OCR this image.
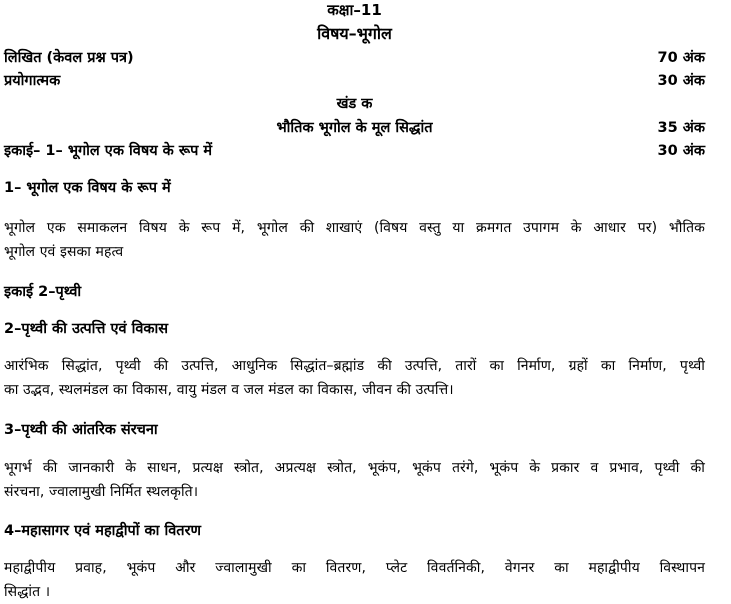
कक्षा–11
विषय–भूगोल
लिखित (केवल प्रश्न पत्र)	70 अंक
प्रयोगात्मक	30 अंक
खंड क
भौतिक भूगोल के मूल सिद्धांत	35 अंक
इकाई– 1– भूगोल एक विषय के रूप में	30 अंक
1– भूगोल एक विषय के रूप में
भूगोल एक समाकलन विषय के रूप में, भूगोल की शाखाएं (विषय वस्तु या क्रमगत उपागम के आधार पर) भौतिक
भूगोल एवं इसका महत्व
इकाई 2–पृथ्वी
2–पृथ्वी की उत्पत्ति एवं विकास
आरंभिक सिद्धांत, पृथ्वी की उत्पत्ति, आधुनिक सिद्धांत–ब्रह्मांड की उत्पत्ति, तारों का निर्माण, ग्रहों का निर्माण, पृथ्वी
का उद्भव, स्थलमंडल का विकास, वायु मंडल व जल मंडल का विकास, जीवन की उत्पत्ति।
3–पृथ्वी की आंतरिक संरचना
भूगर्भ की जानकारी के साधन, प्रत्यक्ष स्त्रोत, अप्रत्यक्ष स्त्रोत, भूकंप, भूकंप तरंगे, भूकंप के प्रकार व प्रभाव, पृथ्वी की
संरचना, ज्वालामुखी निर्मित स्थलकृति।
4–महासागर एवं महाद्वीपों का वितरण
महाद्वीपीय प्रवाह, भूकंप और ज्वालामुखी का वितरण, प्लेट विवर्तनिकी, वेगनर का महाद्वीपीय विस्थापन
सिद्धांत ।
